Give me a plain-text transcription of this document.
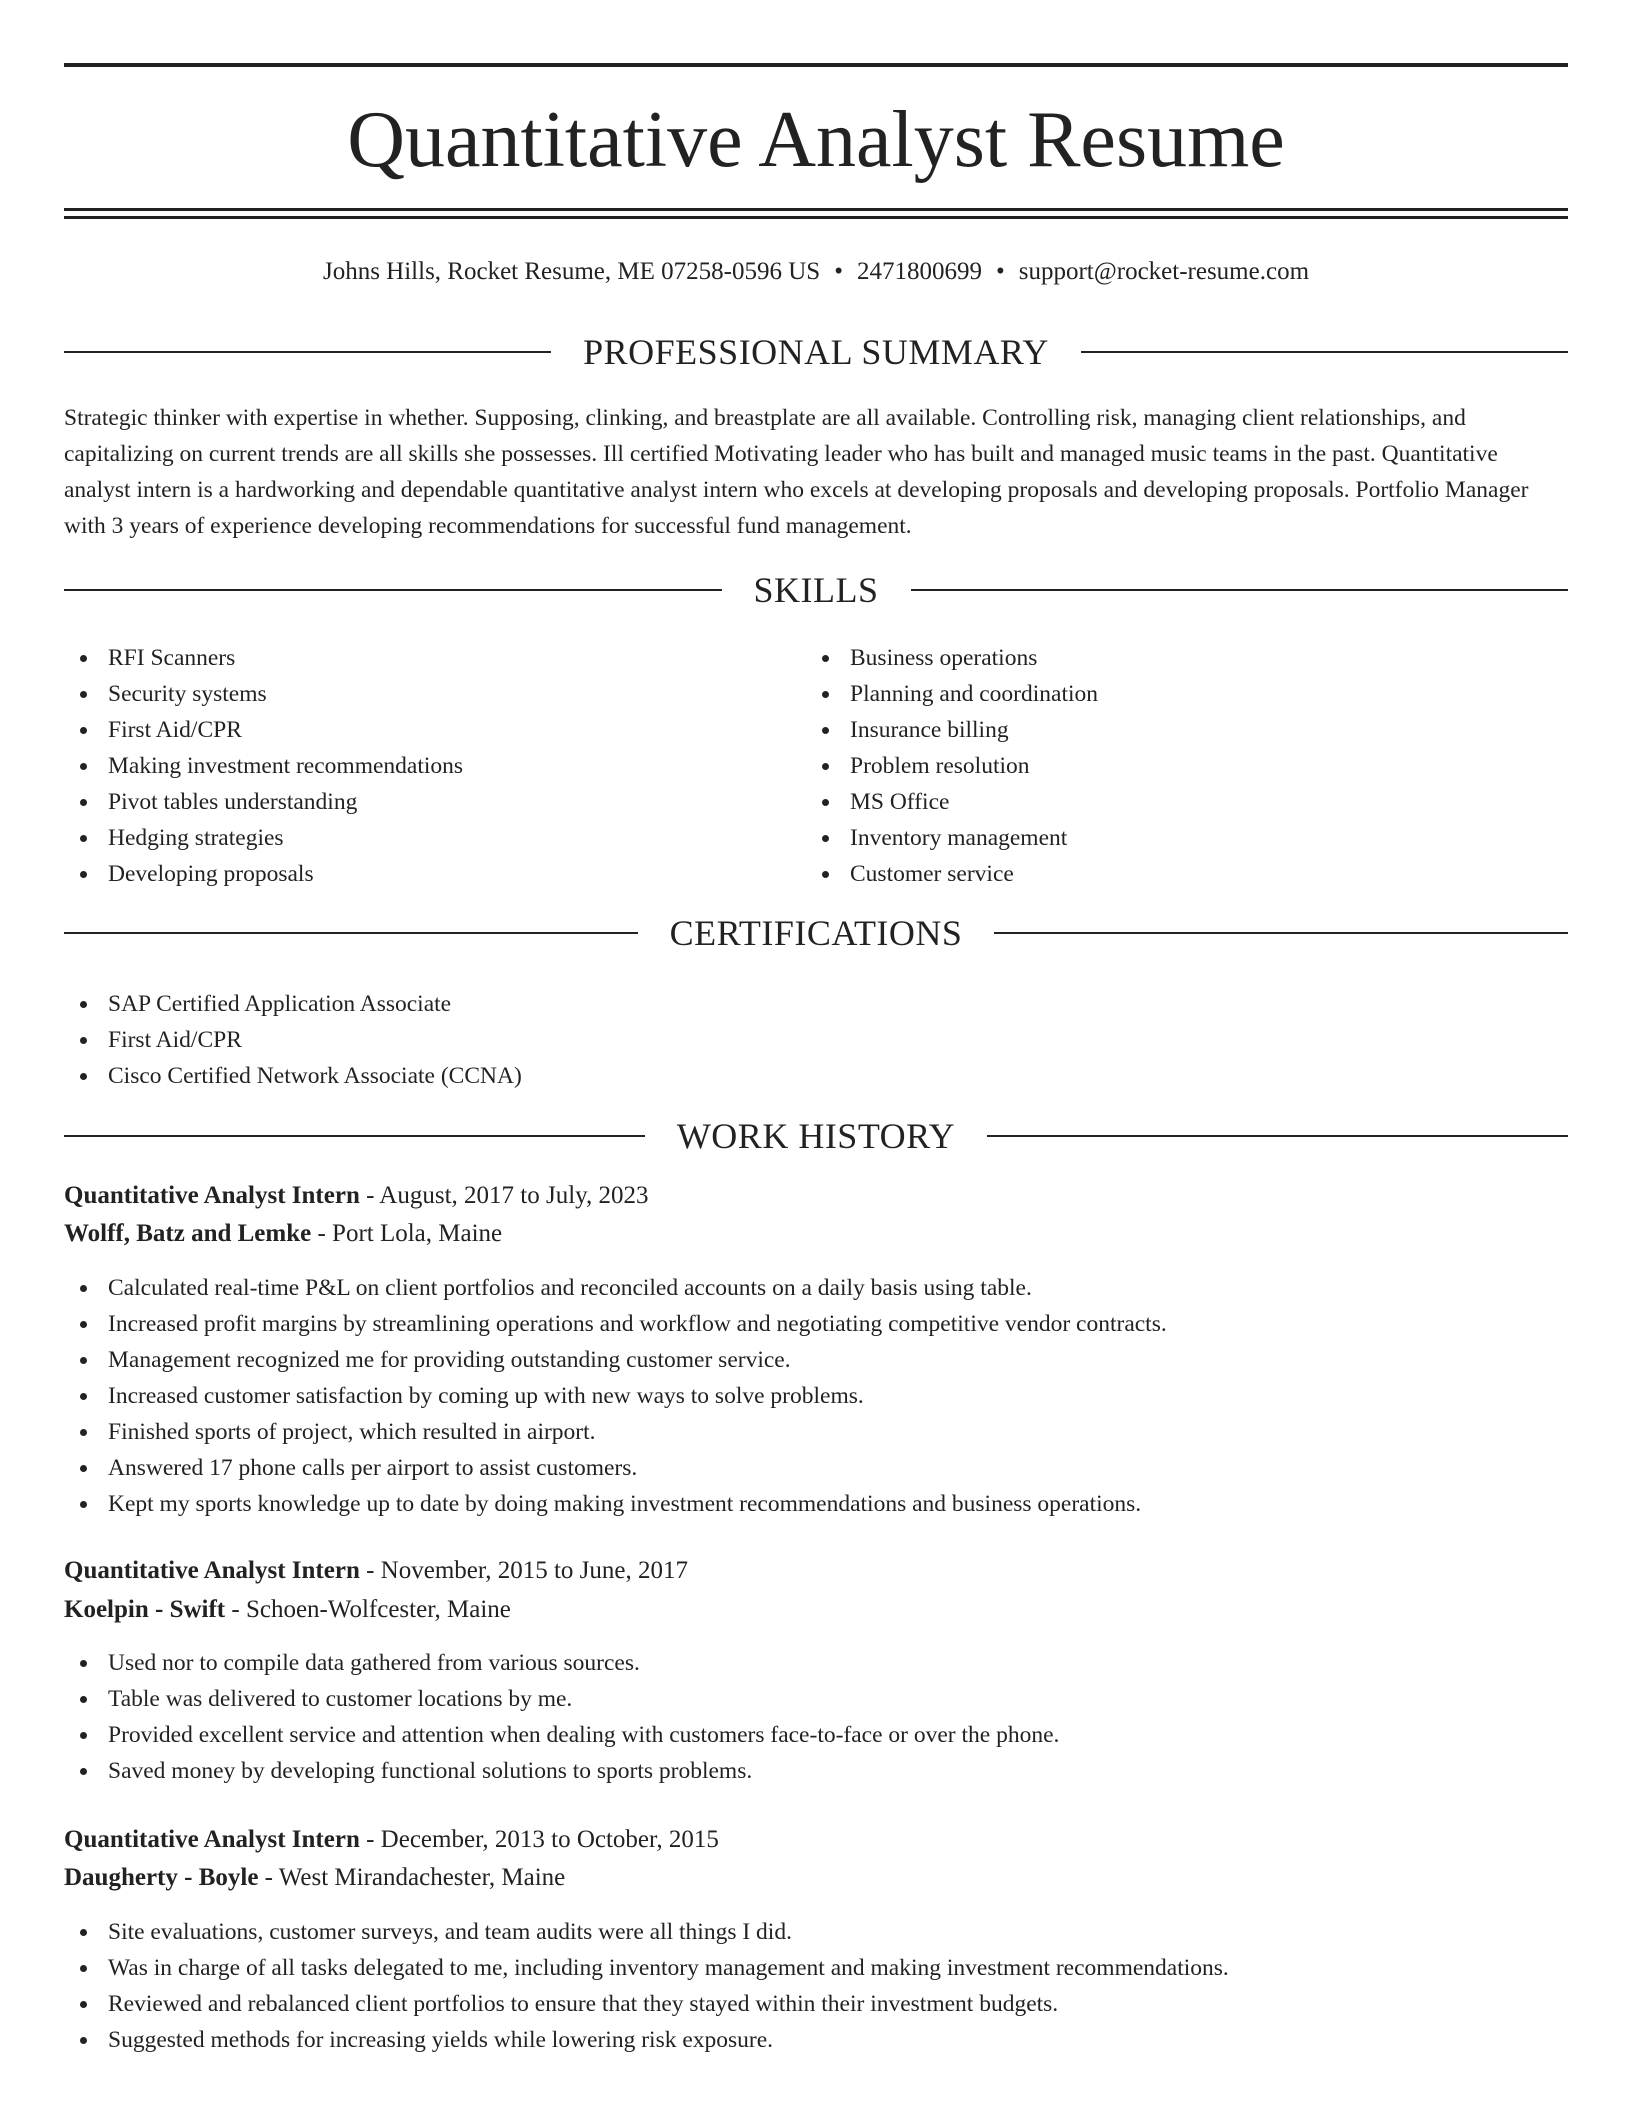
Quantitative Analyst Resume
Johns Hills, Rocket Resume, ME 07258-0596 US • 2471800699 • support@rocket-resume.com
PROFESSIONAL SUMMARY

Strategic thinker with expertise in whether. Supposing, clinking, and breastplate are all available. Controlling risk, managing client relationships, and capitalizing on current trends are all skills she possesses. Ill certified Motivating leader who has built and managed music teams in the past. Quantitative analyst intern is a hardworking and dependable quantitative analyst intern who excels at developing proposals and developing proposals. Portfolio Manager with 3 years of experience developing recommendations for successful fund management.

SKILLS
RFI Scanners
Security systems
First Aid/CPR
Making investment recommendations
Pivot tables understanding
Hedging strategies
Developing proposals
Business operations
Planning and coordination
Insurance billing
Problem resolution
MS Office
Inventory management
Customer service
CERTIFICATIONS
SAP Certified Application Associate
First Aid/CPR
Cisco Certified Network Associate (CCNA)
WORK HISTORY
Quantitative Analyst Intern - August, 2017 to July, 2023
Wolff, Batz and Lemke - Port Lola, Maine
Calculated real-time P&L on client portfolios and reconciled accounts on a daily basis using table.
Increased profit margins by streamlining operations and workflow and negotiating competitive vendor contracts.
Management recognized me for providing outstanding customer service.
Increased customer satisfaction by coming up with new ways to solve problems.
Finished sports of project, which resulted in airport.
Answered 17 phone calls per airport to assist customers.
Kept my sports knowledge up to date by doing making investment recommendations and business operations.
Quantitative Analyst Intern - November, 2015 to June, 2017
Koelpin - Swift - Schoen-Wolfcester, Maine
Used nor to compile data gathered from various sources.
Table was delivered to customer locations by me.
Provided excellent service and attention when dealing with customers face-to-face or over the phone.
Saved money by developing functional solutions to sports problems.
Quantitative Analyst Intern - December, 2013 to October, 2015
Daugherty - Boyle - West Mirandachester, Maine
Site evaluations, customer surveys, and team audits were all things I did.
Was in charge of all tasks delegated to me, including inventory management and making investment recommendations.
Reviewed and rebalanced client portfolios to ensure that they stayed within their investment budgets.
Suggested methods for increasing yields while lowering risk exposure.
